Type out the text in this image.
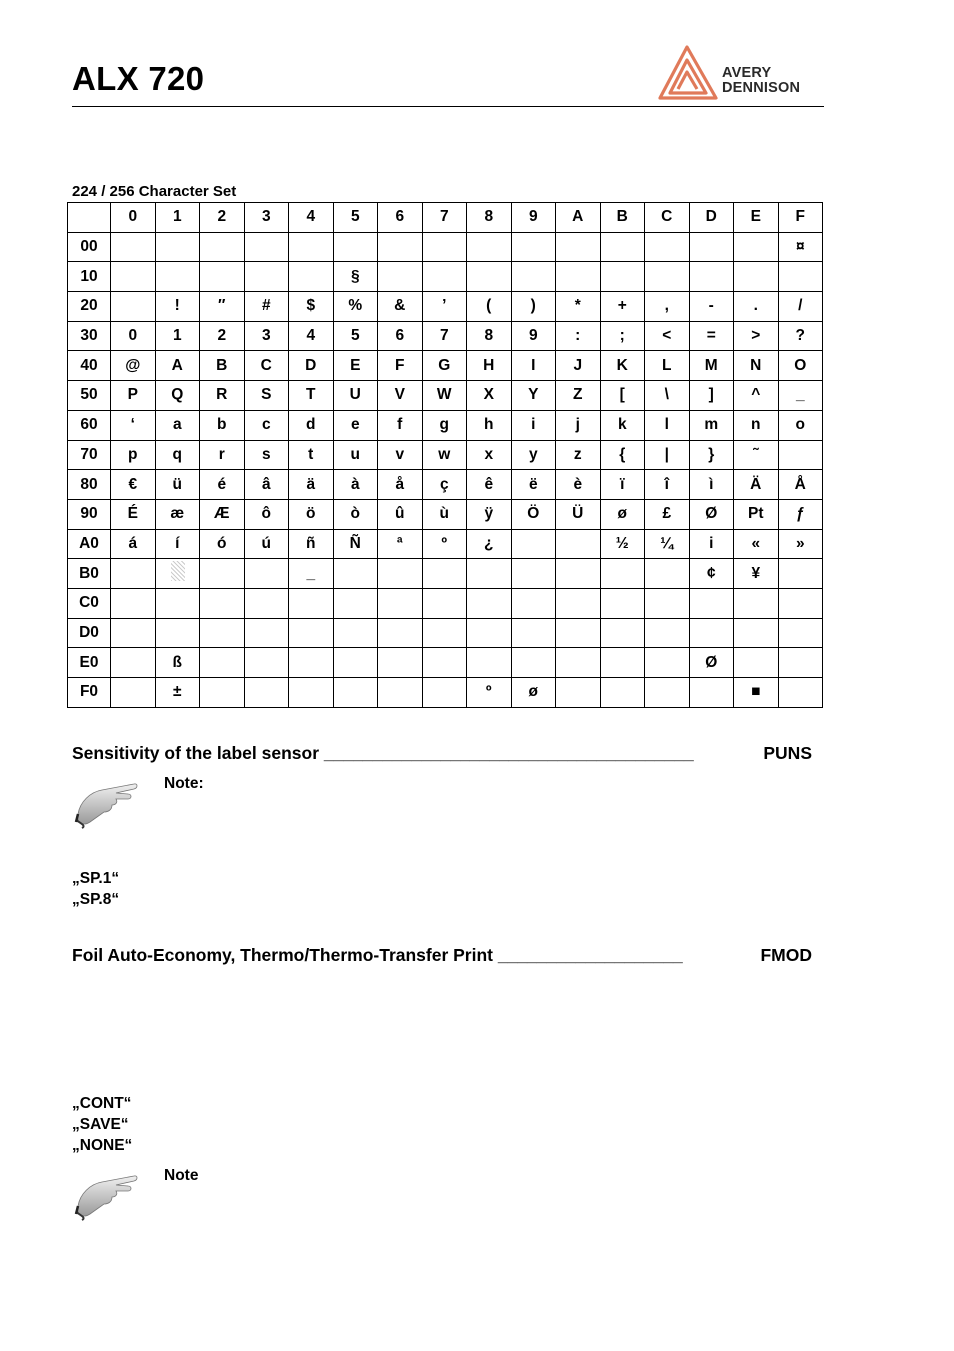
ALX 720	AVERY
DENNISON
224 / 256 Character Set
	0	1	2	3	4	5	6	7	8	9	A	B	C	D	E	F
00																¤
10						§										
20		!	″	#	$	%	&	’	(	)	*	+	,	-	.	/
30	0	1	2	3	4	5	6	7	8	9	:	;	<	=	>	?
40	@	A	B	C	D	E	F	G	H	I	J	K	L	M	N	O
50	P	Q	R	S	T	U	V	W	X	Y	Z	[	\	]	^	_
60	‘	a	b	c	d	e	f	g	h	i	j	k	l	m	n	o
70	p	q	r	s	t	u	v	w	x	y	z	{	|	}	˜	
80	€	ü	é	â	ä	à	å	ç	ê	ë	è	ï	î	ì	Ä	Å
90	É	æ	Æ	ô	ö	ò	û	ù	ÿ	Ö	Ü	ø	£	Ø	Pt	ƒ
A0	á	í	ó	ú	ñ	Ñ	ª	º	¿			½	¼	i	«	»
B0					_									¢	¥	
C0																
D0																
E0		ß												Ø		
F0		±							º	ø					■	
Sensitivity of the label sensor ______________________________________	PUNS
Note:
„SP.1“
„SP.8“
Foil Auto-Economy, Thermo/Thermo-Transfer Print ___________________	FMOD
„CONT“
„SAVE“
„NONE“
Note
